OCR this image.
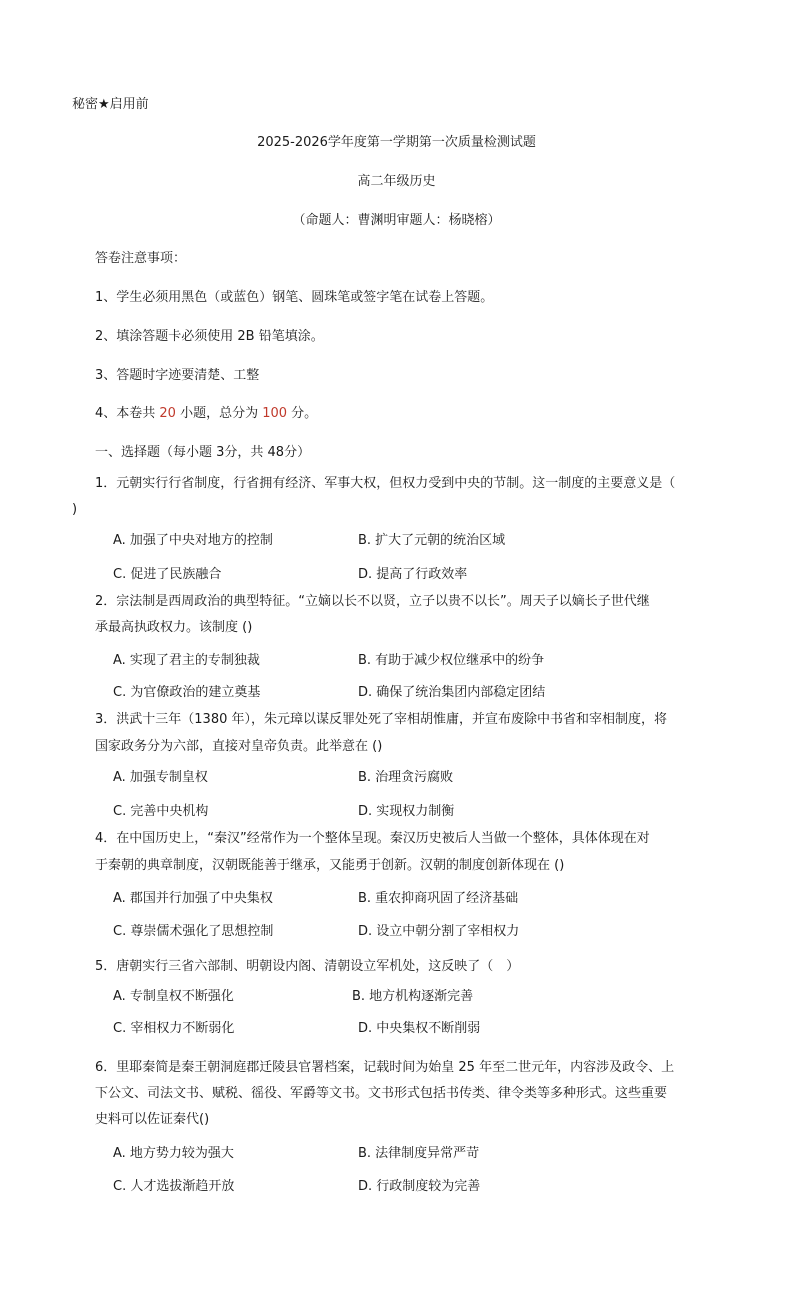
秘密★启用前
2025-2026学年度第一学期第一次质量检测试题
高二年级历史
（命题人：曹渊明审题人：杨晓榕）
答卷注意事项：
1、学生必须用黑色（或蓝色）钢笔、圆珠笔或签字笔在试卷上答题。
2、填涂答题卡必须使用 2B 铅笔填涂。
3、答题时字迹要清楚、工整
4、本卷共 20 小题，总分为 100 分。
一、选择题（每小题 3分，共 48分）
1．元朝实行行省制度，行省拥有经济、军事大权，但权力受到中央的节制。这一制度的主要意义是（
)
A. 加强了中央对地方的控制	B. 扩大了元朝的统治区域
C. 促进了民族融合	D. 提高了行政效率
2．宗法制是西周政治的典型特征。“立嫡以长不以贤，立子以贵不以长”。周天子以嫡长子世代继
承最高执政权力。该制度 ()
A. 实现了君主的专制独裁	B. 有助于减少权位继承中的纷争
C. 为官僚政治的建立奠基	D. 确保了统治集团内部稳定团结
3．洪武十三年（1380 年），朱元璋以谋反罪处死了宰相胡惟庸，并宣布废除中书省和宰相制度，将
国家政务分为六部，直接对皇帝负责。此举意在 ()
A. 加强专制皇权	B. 治理贪污腐败
C. 完善中央机构	D. 实现权力制衡
4．在中国历史上，“秦汉”经常作为一个整体呈现。秦汉历史被后人当做一个整体，具体体现在对
于秦朝的典章制度，汉朝既能善于继承，又能勇于创新。汉朝的制度创新体现在 ()
A. 郡国并行加强了中央集权	B. 重农抑商巩固了经济基础
C. 尊崇儒术强化了思想控制	D. 设立中朝分割了宰相权力
5．唐朝实行三省六部制、明朝设内阁、清朝设立军机处，这反映了（　）
A. 专制皇权不断强化	B. 地方机构逐渐完善
C. 宰相权力不断弱化	D. 中央集权不断削弱
6．里耶秦简是秦王朝洞庭郡迁陵县官署档案，记载时间为始皇 25 年至二世元年，内容涉及政令、上
下公文、司法文书、赋税、徭役、军爵等文书。文书形式包括书传类、律令类等多种形式。这些重要
史料可以佐证秦代()
A. 地方势力较为强大	B. 法律制度异常严苛
C. 人才选拔渐趋开放	D. 行政制度较为完善
